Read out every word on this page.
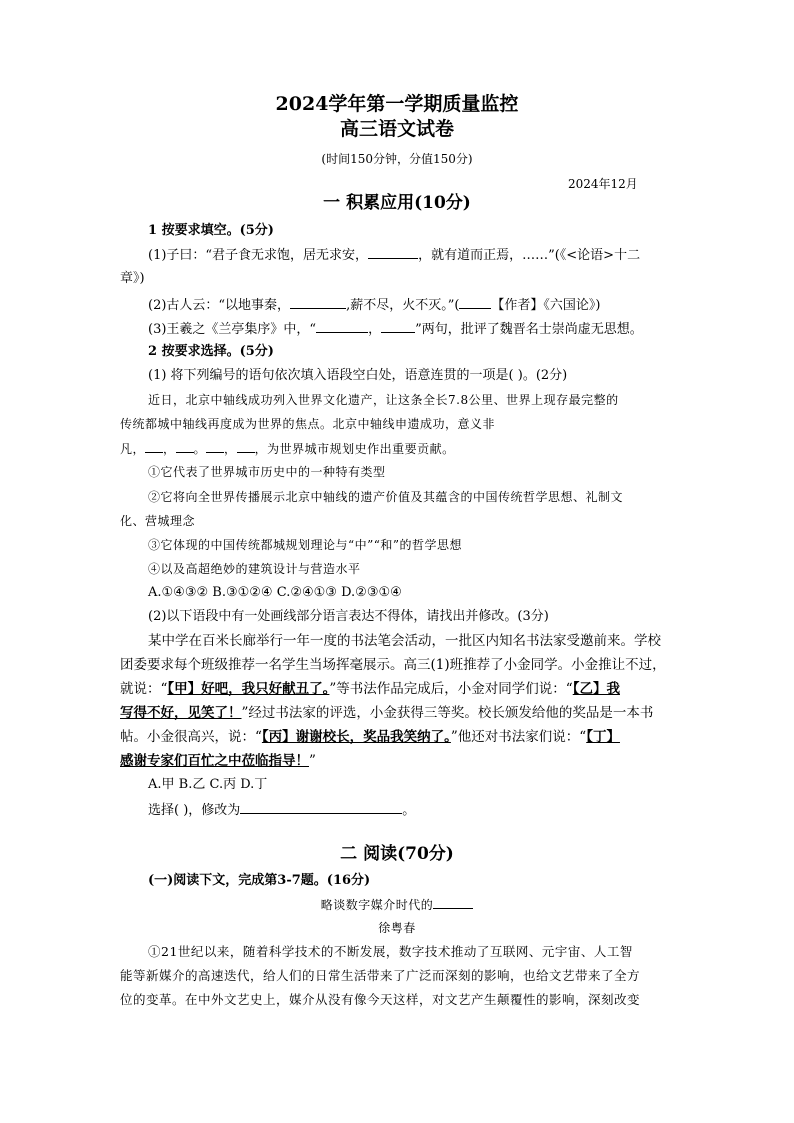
2024学年第一学期质量监控
高三语文试卷
(时间150分钟，分值150分)
2024年12月
一 积累应用(10分)
1 按要求填空。(5分)
(1)子曰：“君子食无求饱，居无求安，	，就有道而正焉，……”(《<论语>十二
章》)
(2)古人云：“以地事秦，	,薪不尽，火不灭。”( 【作者】《六国论》)
(3)王羲之《兰亭集序》中，“	，	”两句，批评了魏晋名士崇尚虚无思想。
2 按要求选择。(5分)
(1) 将下列编号的语句依次填入语段空白处，语意连贯的一项是( )。(2分)
近日，北京中轴线成功列入世界文化遗产，让这条全长7.8公里、世界上现存最完整的
传统都城中轴线再度成为世界的焦点。北京中轴线申遗成功，意义非
凡， ， 。 ， ，为世界城市规划史作出重要贡献。
①它代表了世界城市历史中的一种特有类型
②它将向全世界传播展示北京中轴线的遗产价值及其蕴含的中国传统哲学思想、礼制文
化、营城理念
③它体现的中国传统都城规划理论与“中”“和”的哲学思想
④以及高超绝妙的建筑设计与营造水平
A.①④③② B.③①②④ C.②④①③ D.②③①④
(2)以下语段中有一处画线部分语言表达不得体，请找出并修改。(3分)
某中学在百米长廊举行一年一度的书法笔会活动，一批区内知名书法家受邀前来。学校
团委要求每个班级推荐一名学生当场挥毫展示。高三(1)班推荐了小金同学。小金推让不过，
就说：“【甲】好吧，我只好献丑了。”等书法作品完成后，小金对同学们说：“【乙】我
写得不好，见笑了！”经过书法家的评选，小金获得三等奖。校长颁发给他的奖品是一本书
帖。小金很高兴，说：“【丙】谢谢校长，奖品我笑纳了。”他还对书法家们说：“【丁】
感谢专家们百忙之中莅临指导！”
A.甲 B.乙 C.丙 D.丁
选择( )，修改为	。
二 阅读(70分)
(一)阅读下文，完成第3-7题。(16分)
略谈数字媒介时代的
徐粤春
①21世纪以来，随着科学技术的不断发展，数字技术推动了互联网、元宇宙、人工智
能等新媒介的高速迭代，给人们的日常生活带来了广泛而深刻的影响，也给文艺带来了全方
位的变革。在中外文艺史上，媒介从没有像今天这样，对文艺产生颠覆性的影响，深刻改变
